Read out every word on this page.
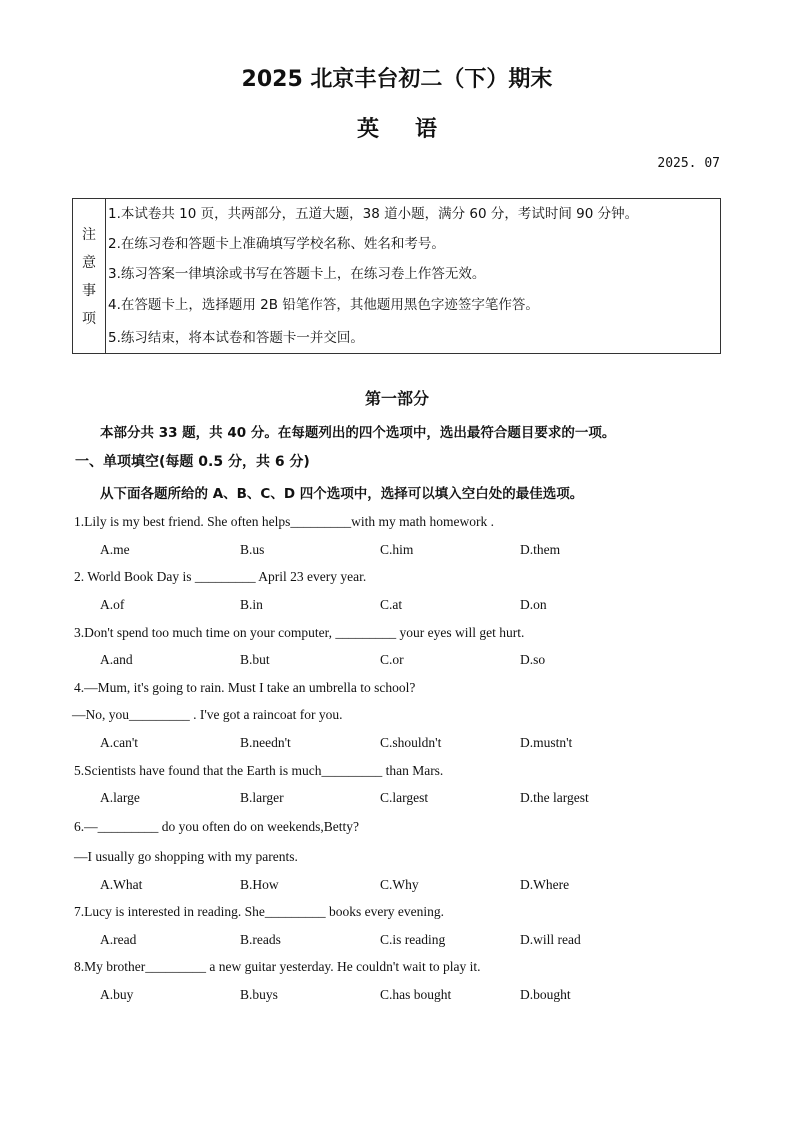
2025 北京丰台初二（下）期末
英语
2025. 07
注
意
事
项
1.本试卷共 10 页，共两部分，五道大题，38 道小题，满分 60 分，考试时间 90 分钟。
2.在练习卷和答题卡上准确填写学校名称、姓名和考号。
3.练习答案一律填涂或书写在答题卡上，在练习卷上作答无效。
4.在答题卡上，选择题用 2B 铅笔作答，其他题用黑色字迹签字笔作答。
5.练习结束，将本试卷和答题卡一并交回。
第一部分
本部分共 33 题，共 40 分。在每题列出的四个选项中，选出最符合题目要求的一项。
一、单项填空(每题 0.5 分，共 6 分)
从下面各题所给的 A、B、C、D 四个选项中，选择可以填入空白处的最佳选项。
1.Lily is my best friend. She often helps_________with my math homework .
A.me	B.us	C.him	D.them
2. World Book Day is _________ April 23 every year.
A.of	B.in	C.at	D.on
3.Don't spend too much time on your computer, _________ your eyes will get hurt.
A.and	B.but	C.or	D.so
4.—Mum, it's going to rain. Must I take an umbrella to school?
—No, you_________ . I've got a raincoat for you.
A.can't	B.needn't	C.shouldn't	D.mustn't
5.Scientists have found that the Earth is much_________ than Mars.
A.large	B.larger	C.largest	D.the largest
6.—_________ do you often do on weekends,Betty?
—I usually go shopping with my parents.
A.What	B.How	C.Why	D.Where
7.Lucy is interested in reading. She_________ books every evening.
A.read	B.reads	C.is reading	D.will read
8.My brother_________ a new guitar yesterday. He couldn't wait to play it.
A.buy	B.buys	C.has bought	D.bought
